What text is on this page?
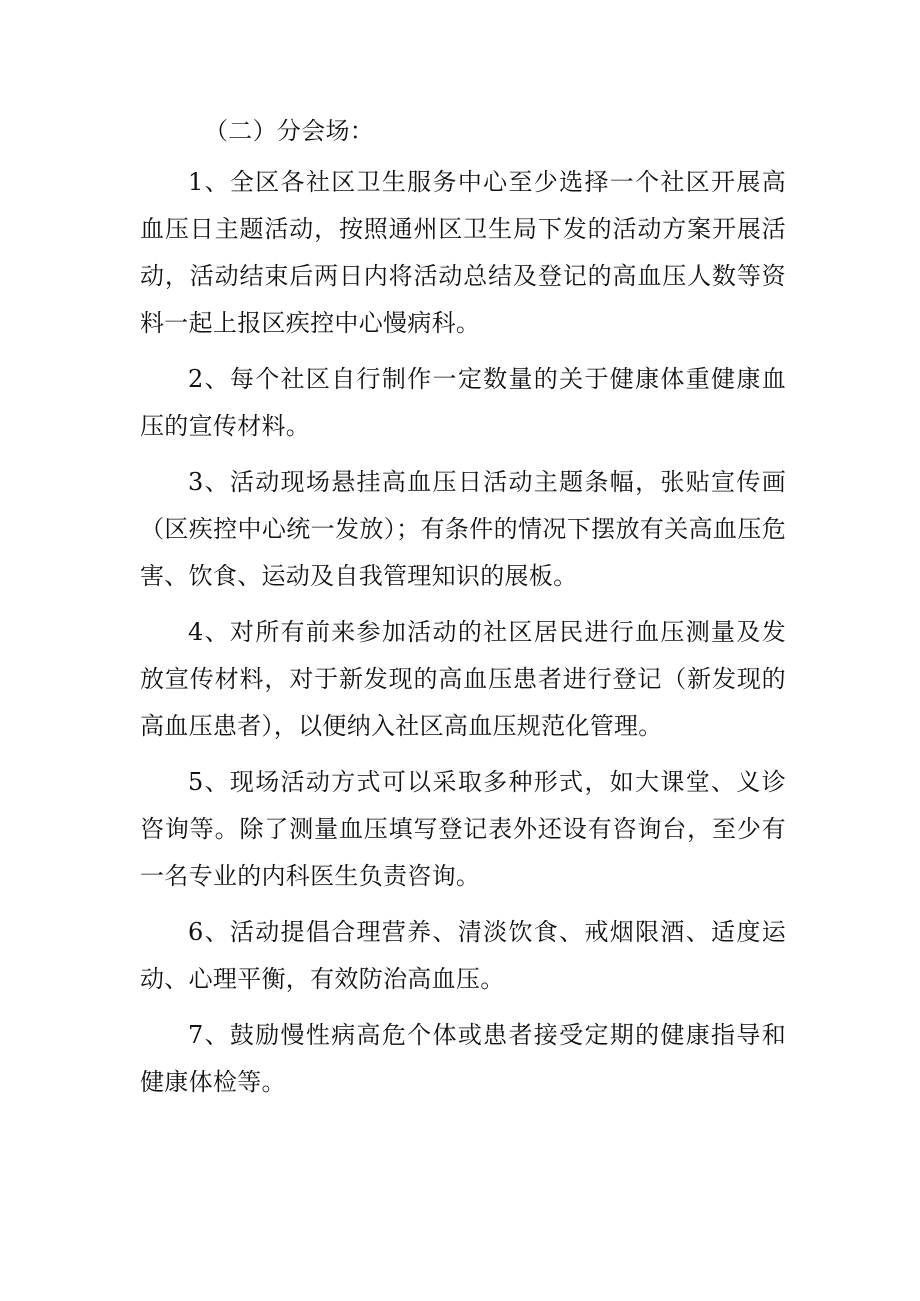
（二）分会场：

1、全区各社区卫生服务中心至少选择一个社区开展高血压日主题活动，按照通州区卫生局下发的活动方案开展活动，活动结束后两日内将活动总结及登记的高血压人数等资料一起上报区疾控中心慢病科。

2、每个社区自行制作一定数量的关于健康体重健康血压的宣传材料。

3、活动现场悬挂高血压日活动主题条幅，张贴宣传画（区疾控中心统一发放）；有条件的情况下摆放有关高血压危害、饮食、运动及自我管理知识的展板。

4、对所有前来参加活动的社区居民进行血压测量及发放宣传材料，对于新发现的高血压患者进行登记（新发现的高血压患者），以便纳入社区高血压规范化管理。

5、现场活动方式可以采取多种形式，如大课堂、义诊咨询等。除了测量血压填写登记表外还设有咨询台，至少有一名专业的内科医生负责咨询。

6、活动提倡合理营养、清淡饮食、戒烟限酒、适度运动、心理平衡，有效防治高血压。

7、鼓励慢性病高危个体或患者接受定期的健康指导和健康体检等。
